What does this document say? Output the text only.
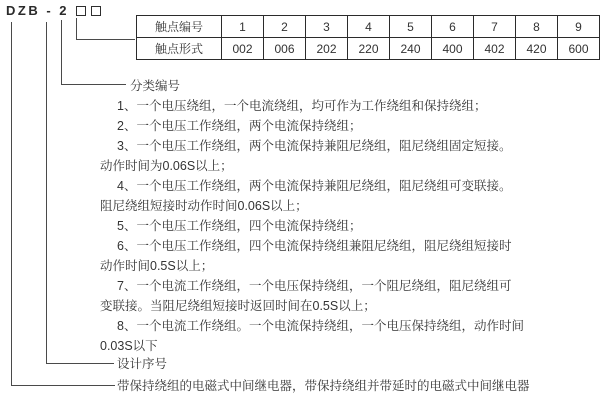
DZB - 2
触点编号	1	2	3	4	5	6	7	8	9
触点形式	002	006	202	220	240	400	402	420	600
分类编号
1、一个电压绕组，一个电流绕组，均可作为工作绕组和保持绕组；
2、一个电压工作绕组，两个电流保持绕组；
3、一个电压工作绕组，两个电流保持兼阻尼绕组，阻尼绕组固定短接。
动作时间为0.06S以上；
4、一个电压工作绕组，两个电流保持兼阻尼绕组，阻尼绕组可变联接。
阻尼绕组短接时动作时间0.06S以上；
5、一个电压工作绕组，四个电流保持绕组；
6、一个电压工作绕组，四个电流保持绕组兼阻尼绕组，阻尼绕组短接时
动作时间0.5S以上；
7、一个电流工作绕组，一个电压保持绕组，一个阻尼绕组，阻尼绕组可
变联接。当阻尼绕组短接时返回时间在0.5S以上；
8、一个电流工作绕组。一个电流保持绕组，一个电压保持绕组，动作时间
0.03S以下
设计序号
带保持绕组的电磁式中间继电器，带保持绕组并带延时的电磁式中间继电器
